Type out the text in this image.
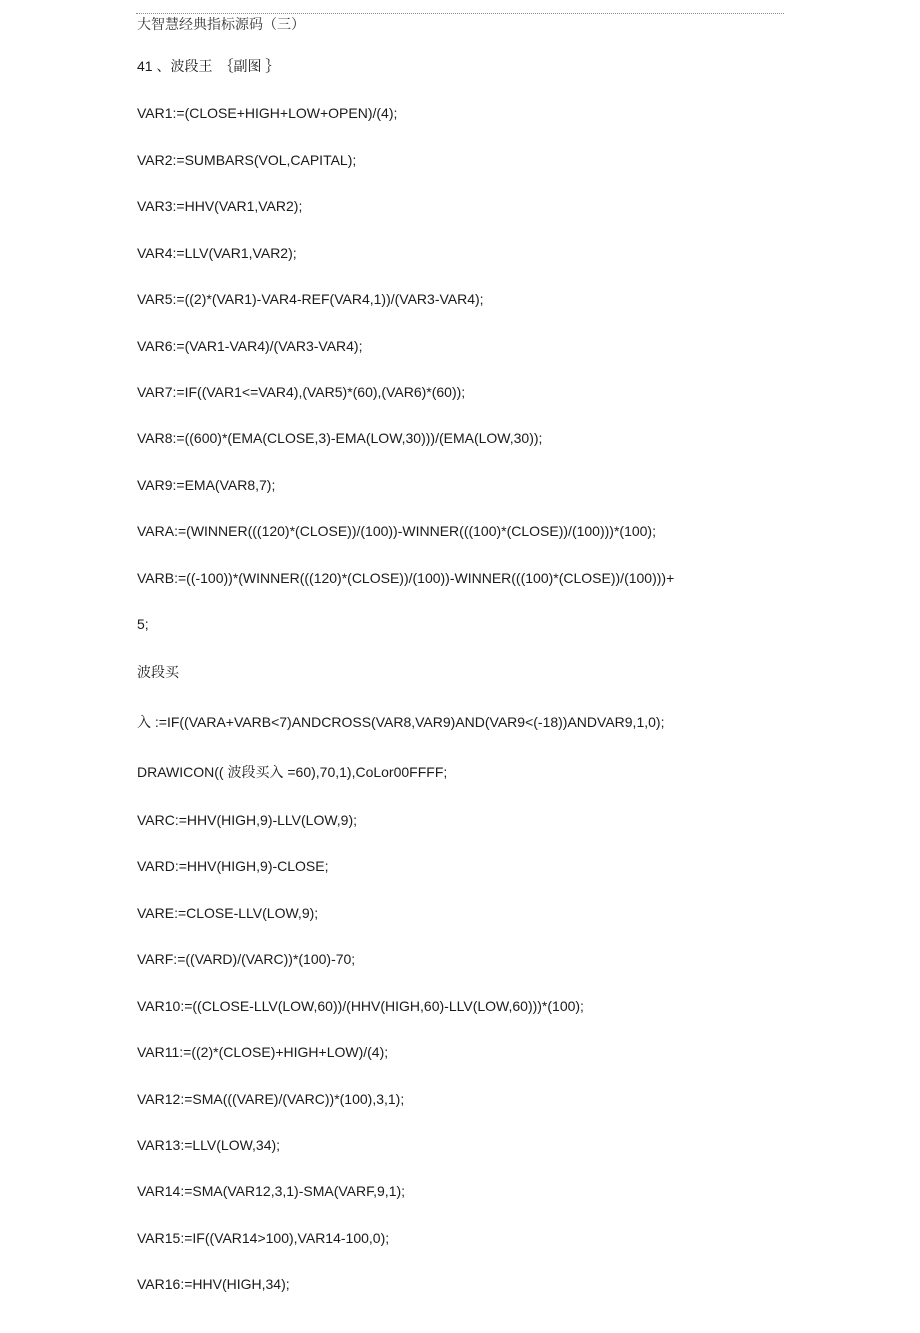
大智慧经典指标源码（三）
41 、波段王　｛副图 ｝
VAR1:=(CLOSE+HIGH+LOW+OPEN)/(4);
VAR2:=SUMBARS(VOL,CAPITAL);
VAR3:=HHV(VAR1,VAR2);
VAR4:=LLV(VAR1,VAR2);
VAR5:=((2)*(VAR1)-VAR4-REF(VAR4,1))/(VAR3-VAR4);
VAR6:=(VAR1-VAR4)/(VAR3-VAR4);
VAR7:=IF((VAR1<=VAR4),(VAR5)*(60),(VAR6)*(60));
VAR8:=((600)*(EMA(CLOSE,3)-EMA(LOW,30)))/(EMA(LOW,30));
VAR9:=EMA(VAR8,7);
VARA:=(WINNER(((120)*(CLOSE))/(100))-WINNER(((100)*(CLOSE))/(100)))*(100);
VARB:=((-100))*(WINNER(((120)*(CLOSE))/(100))-WINNER(((100)*(CLOSE))/(100)))+
5;
波段买
入 :=IF((VARA+VARB<7)ANDCROSS(VAR8,VAR9)AND(VAR9<(-18))ANDVAR9,1,0);
DRAWICON(( 波段买入 =60),70,1),CoLor00FFFF;
VARC:=HHV(HIGH,9)-LLV(LOW,9);
VARD:=HHV(HIGH,9)-CLOSE;
VARE:=CLOSE-LLV(LOW,9);
VARF:=((VARD)/(VARC))*(100)-70;
VAR10:=((CLOSE-LLV(LOW,60))/(HHV(HIGH,60)-LLV(LOW,60)))*(100);
VAR11:=((2)*(CLOSE)+HIGH+LOW)/(4);
VAR12:=SMA(((VARE)/(VARC))*(100),3,1);
VAR13:=LLV(LOW,34);
VAR14:=SMA(VAR12,3,1)-SMA(VARF,9,1);
VAR15:=IF((VAR14>100),VAR14-100,0);
VAR16:=HHV(HIGH,34);
